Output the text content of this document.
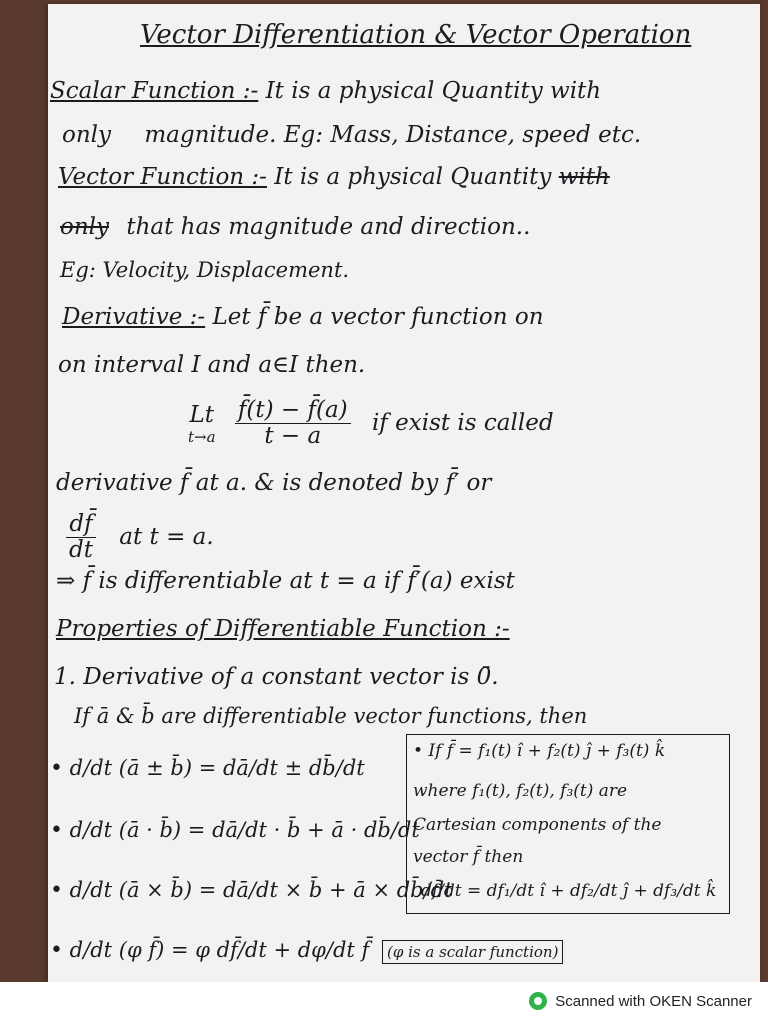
Vector Differentiation & Vector Operation
Scalar Function :- It is a physical Quantity with
only magnitude. Eg: Mass, Distance, speed etc.
Vector Function :- It is a physical Quantity with
only that has magnitude and direction..
Eg: Velocity, Displacement.
Derivative :- Let f̄ be a vector function on
on interval I and a∈I then.
Lt
t→a
$\frac{f̄(t) - f̄(a)}{t - a}$ if exist is called
derivative f̄ at a. & is denoted by f̄′ or
$\frac{df̄}{dt}$ at t = a.
⇒ f̄ is differentiable at t = a if f̄′(a) exist
Properties of Differentiable Function :-
1. Derivative of a constant vector is 0̄.
If ā & b̄ are differentiable vector functions, then
• d/dt (ā ± b̄) = dā/dt ± db̄/dt
• d/dt (ā · b̄) = dā/dt · b̄ + ā · db̄/dt
• d/dt (ā × b̄) = dā/dt × b̄ + ā × db̄/dt
• d/dt (φ f̄) = φ df̄/dt + dφ/dt f̄ (φ is a scalar function)
• If f̄ = f₁(t) î + f₂(t) ĵ + f₃(t) k̂
where f₁(t), f₂(t), f₃(t) are
Cartesian components of the
vector f̄ then
df̄/dt = df₁/dt î + df₂/dt ĵ + df₃/dt k̂
Scanned with OKEN Scanner
